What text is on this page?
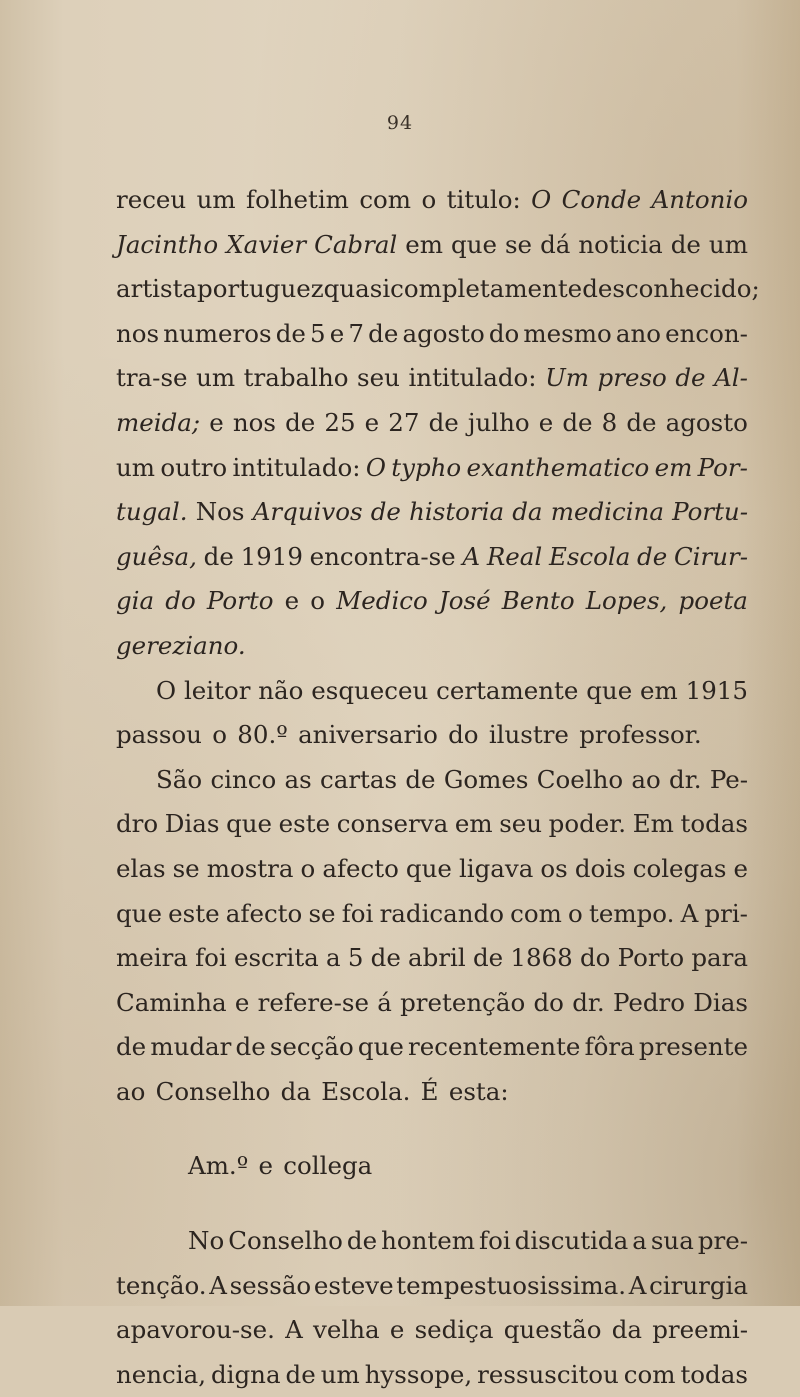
94
receu um folhetim com o titulo: O Conde Antonio
Jacintho Xavier Cabral em que se dá noticia de um
artista portuguez quasi completamente desconhecido;
nos numeros de 5 e 7 de agosto do mesmo ano encon-
tra-se um trabalho seu intitulado: Um preso de Al-
meida; e nos de 25 e 27 de julho e de 8 de agosto
um outro intitulado: O typho exanthematico em Por-
tugal. Nos Arquivos de historia da medicina Portu-
guêsa, de 1919 encontra-se A Real Escola de Cirur-
gia do Porto e o Medico José Bento Lopes, poeta
gereziano.
O leitor não esqueceu certamente que em 1915
passou o 80.º aniversario do ilustre professor.
São cinco as cartas de Gomes Coelho ao dr. Pe-
dro Dias que este conserva em seu poder. Em todas
elas se mostra o afecto que ligava os dois colegas e
que este afecto se foi radicando com o tempo. A pri-
meira foi escrita a 5 de abril de 1868 do Porto para
Caminha e refere-se á pretenção do dr. Pedro Dias
de mudar de secção que recentemente fôra presente
ao Conselho da Escola. É esta:
Am.º e collega
No Conselho de hontem foi discutida a sua pre-
tenção. A sessão esteve tempestuosissima. A cirurgia
apavorou-se. A velha e sediça questão da preemi-
nencia, digna de um hyssope, ressuscitou com todas
